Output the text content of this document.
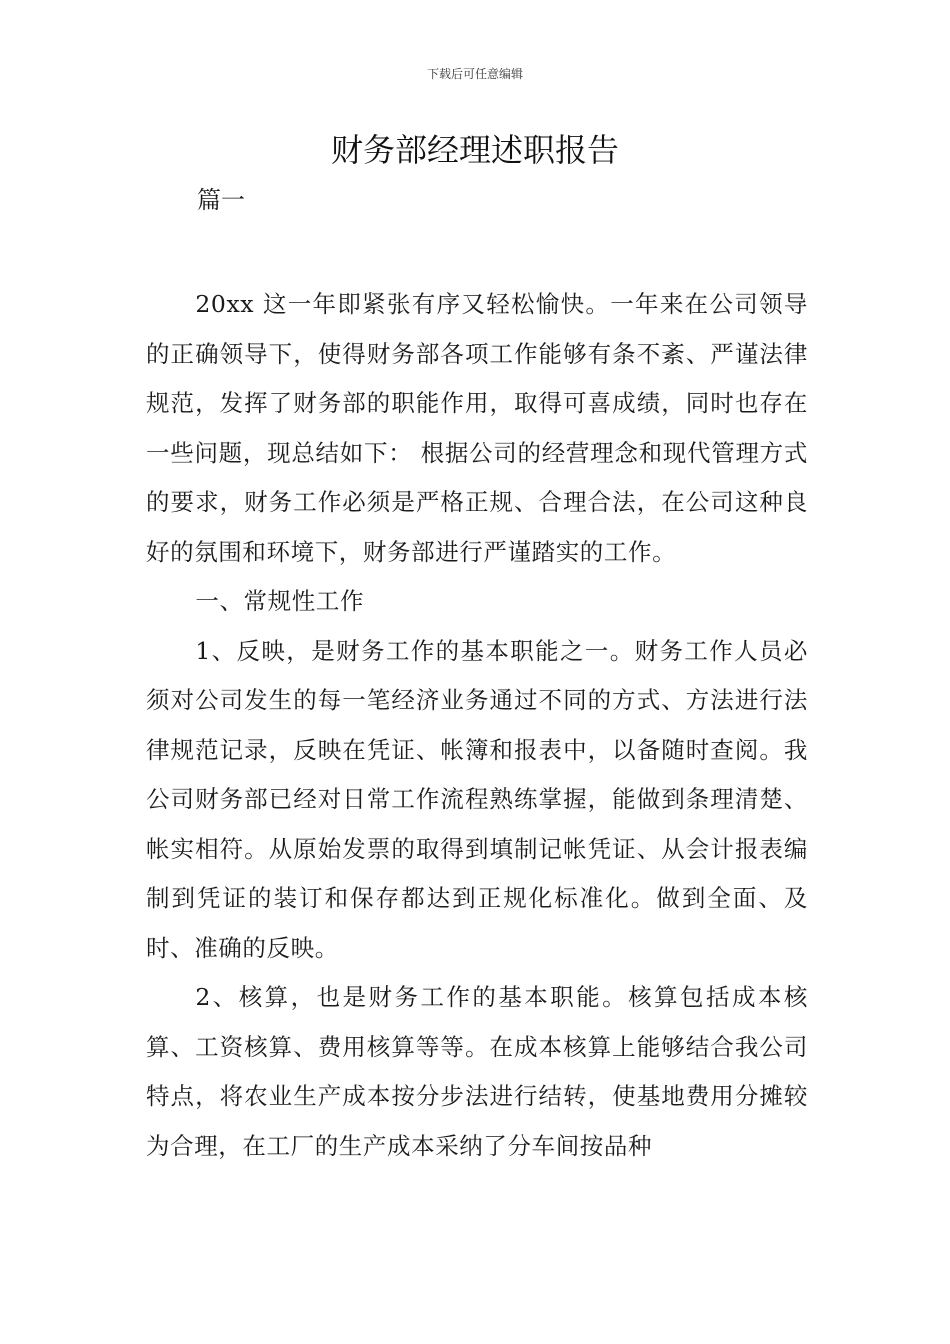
下载后可任意编辑
财务部经理述职报告
篇一

20xx 这一年即紧张有序又轻松愉快。一年来在公司领导的正确领导下，使得财务部各项工作能够有条不紊、严谨法律规范，发挥了财务部的职能作用，取得可喜成绩，同时也存在一些问题，现总结如下： 根据公司的经营理念和现代管理方式的要求，财务工作必须是严格正规、合理合法，在公司这种良好的氛围和环境下，财务部进行严谨踏实的工作。

一、常规性工作

1、反映，是财务工作的基本职能之一。财务工作人员必须对公司发生的每一笔经济业务通过不同的方式、方法进行法律规范记录，反映在凭证、帐簿和报表中，以备随时查阅。我公司财务部已经对日常工作流程熟练掌握，能做到条理清楚、帐实相符。从原始发票的取得到填制记帐凭证、从会计报表编制到凭证的装订和保存都达到正规化标准化。做到全面、及时、准确的反映。

2、核算，也是财务工作的基本职能。核算包括成本核算、工资核算、费用核算等等。在成本核算上能够结合我公司特点，将农业生产成本按分步法进行结转，使基地费用分摊较为合理，在工厂的生产成本采纳了分车间按品种
